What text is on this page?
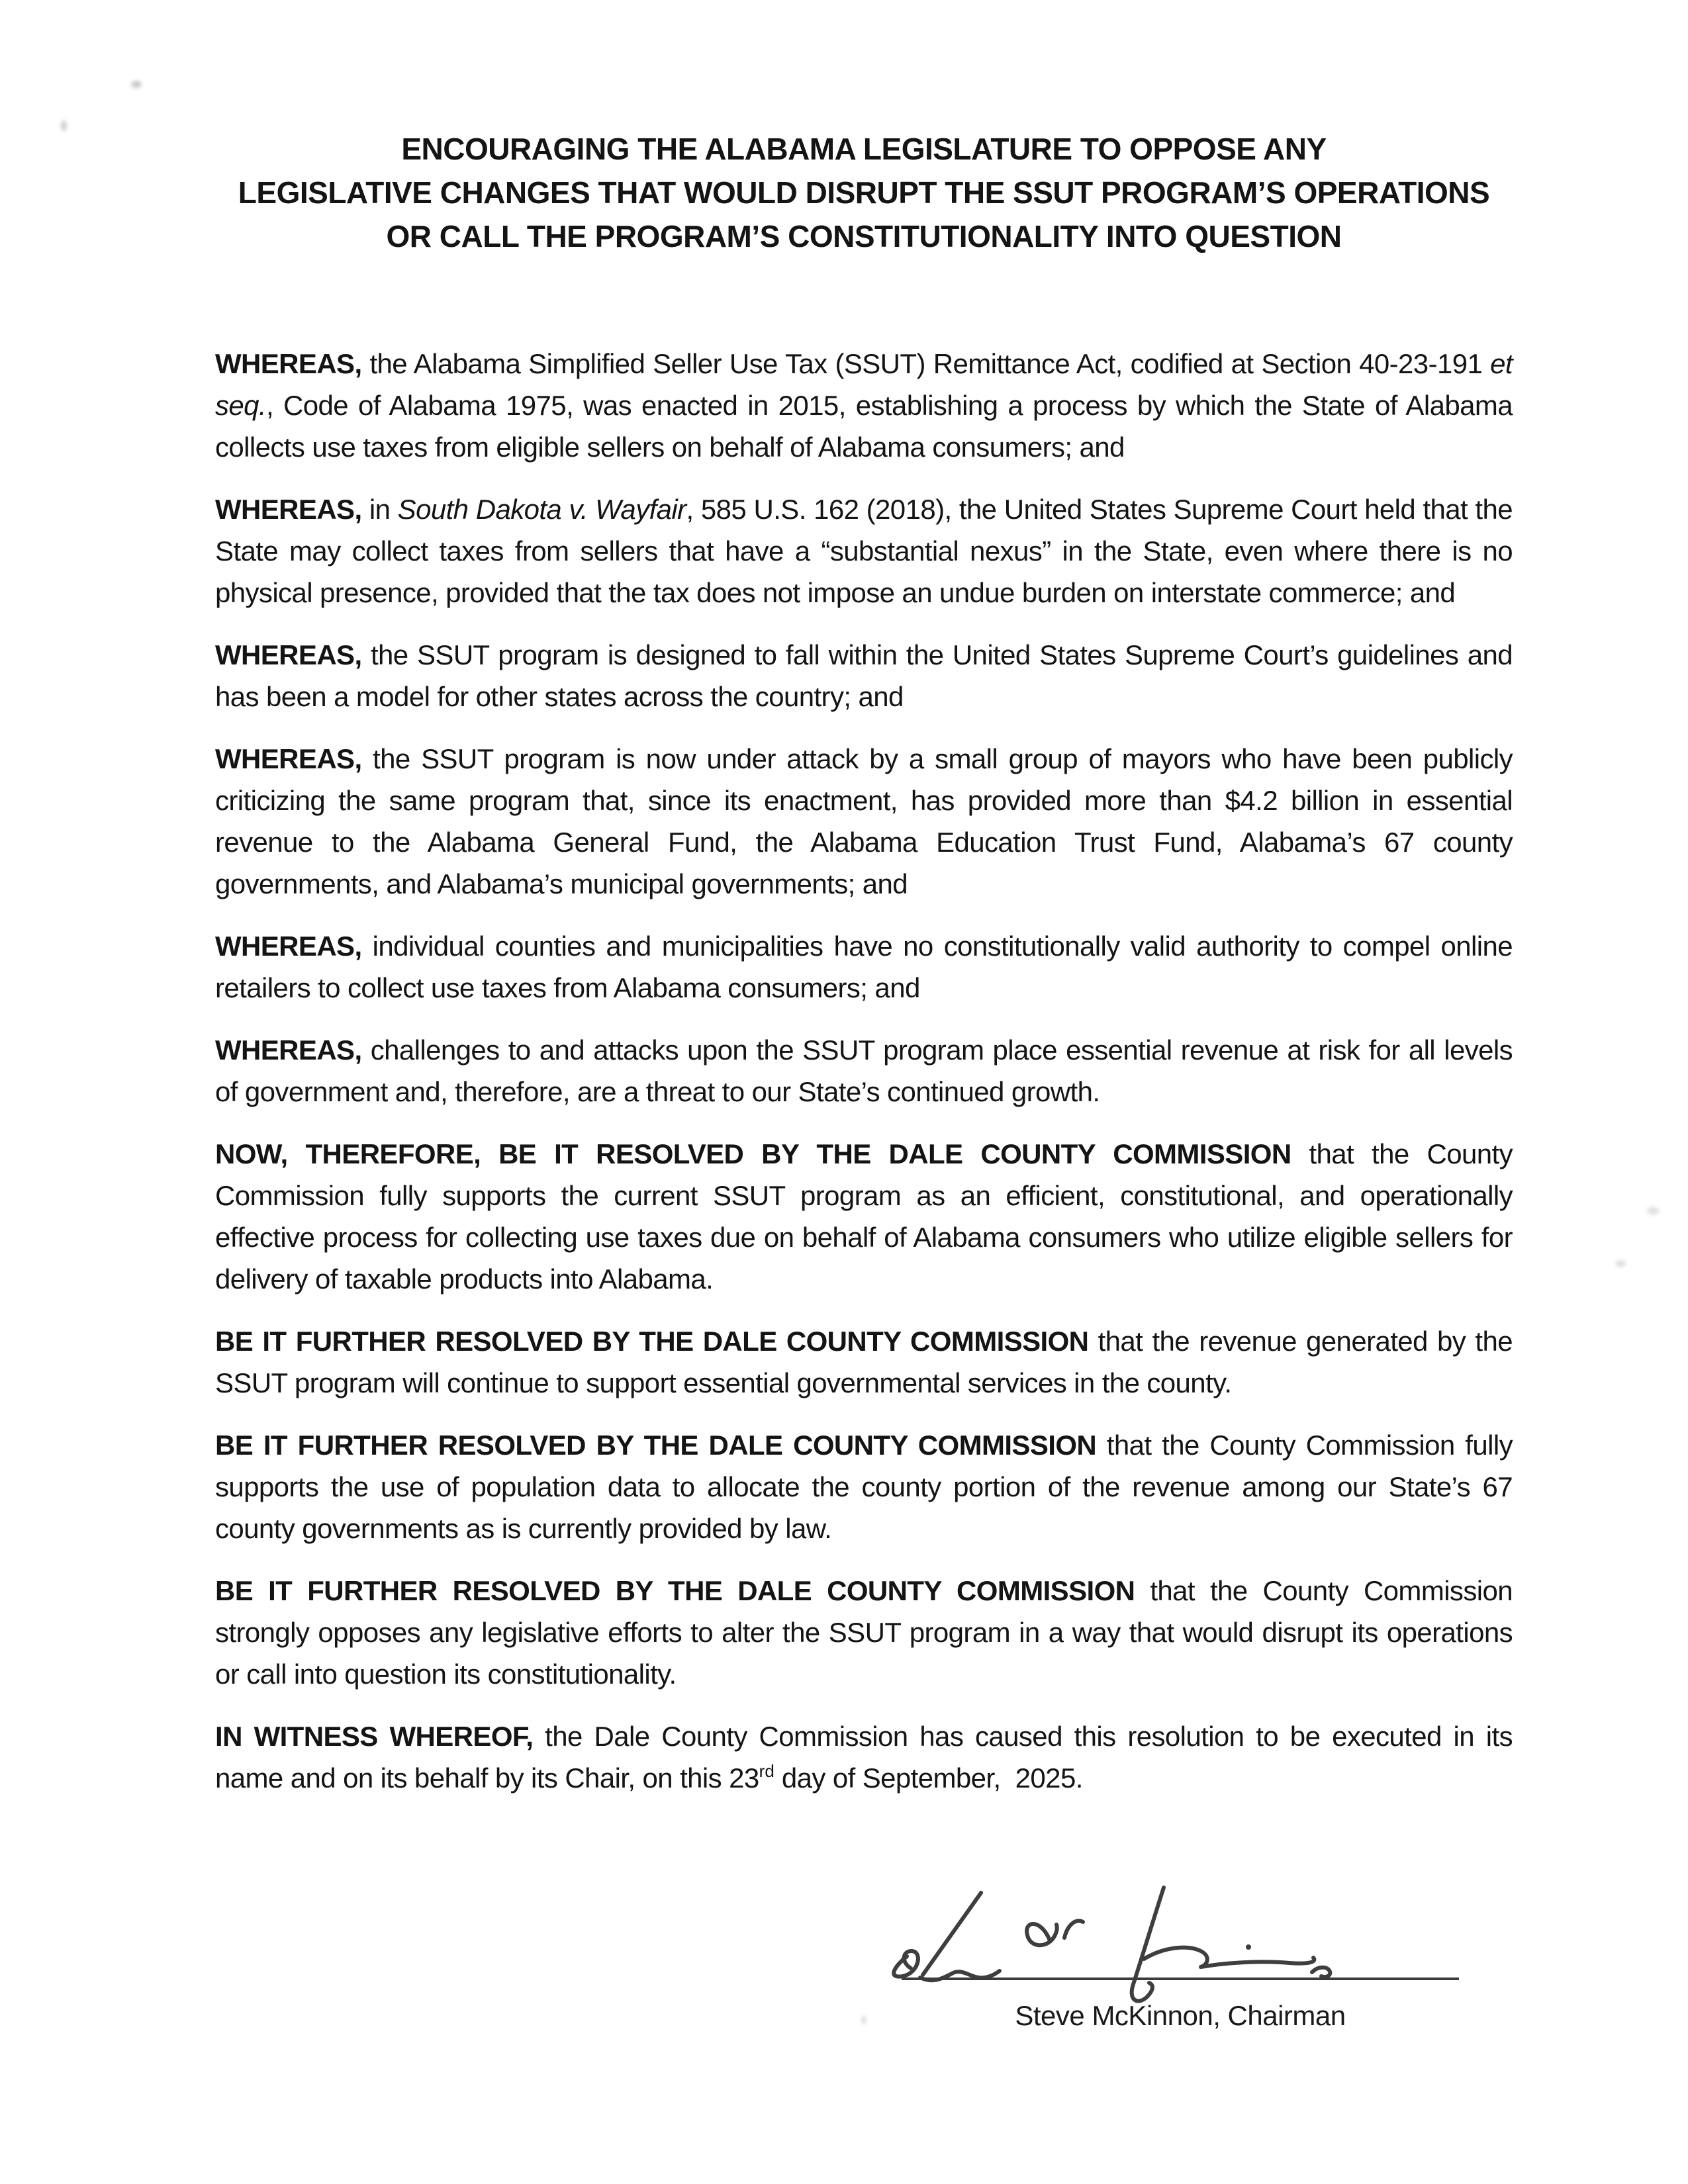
ENCOURAGING THE ALABAMA LEGISLATURE TO OPPOSE ANY
LEGISLATIVE CHANGES THAT WOULD DISRUPT THE SSUT PROGRAM’S OPERATIONS
OR CALL THE PROGRAM’S CONSTITUTIONALITY INTO QUESTION

WHEREAS, the Alabama Simplified Seller Use Tax (SSUT) Remittance Act, codified at Section 40-23-191 et seq., Code of Alabama 1975, was enacted in 2015, establishing a process by which the State of Alabama collects use taxes from eligible sellers on behalf of Alabama consumers; and

WHEREAS, in South Dakota v. Wayfair, 585 U.S. 162 (2018), the United States Supreme Court held that the State may collect taxes from sellers that have a “substantial nexus” in the State, even where there is no physical presence, provided that the tax does not impose an undue burden on interstate commerce; and

WHEREAS, the SSUT program is designed to fall within the United States Supreme Court’s guidelines and has been a model for other states across the country; and

WHEREAS, the SSUT program is now under attack by a small group of mayors who have been publicly criticizing the same program that, since its enactment, has provided more than $4.2 billion in essential revenue to the Alabama General Fund, the Alabama Education Trust Fund, Alabama’s 67 county governments, and Alabama’s municipal governments; and

WHEREAS, individual counties and municipalities have no constitutionally valid authority to compel online retailers to collect use taxes from Alabama consumers; and

WHEREAS, challenges to and attacks upon the SSUT program place essential revenue at risk for all levels of government and, therefore, are a threat to our State’s continued growth.

NOW, THEREFORE, BE IT RESOLVED BY THE DALE COUNTY COMMISSION that the County Commission fully supports the current SSUT program as an efficient, constitutional, and operationally effective process for collecting use taxes due on behalf of Alabama consumers who utilize eligible sellers for delivery of taxable products into Alabama.

BE IT FURTHER RESOLVED BY THE DALE COUNTY COMMISSION that the revenue generated by the SSUT program will continue to support essential governmental services in the county.

BE IT FURTHER RESOLVED BY THE DALE COUNTY COMMISSION that the County Commission fully supports the use of population data to allocate the county portion of the revenue among our State’s 67 county governments as is currently provided by law.

BE IT FURTHER RESOLVED BY THE DALE COUNTY COMMISSION that the County Commission strongly opposes any legislative efforts to alter the SSUT program in a way that would disrupt its operations or call into question its constitutionality.

IN WITNESS WHEREOF, the Dale County Commission has caused this resolution to be executed in its name and on its behalf by its Chair, on this 23rd day of September,  2025.

Steve McKinnon, Chairman
